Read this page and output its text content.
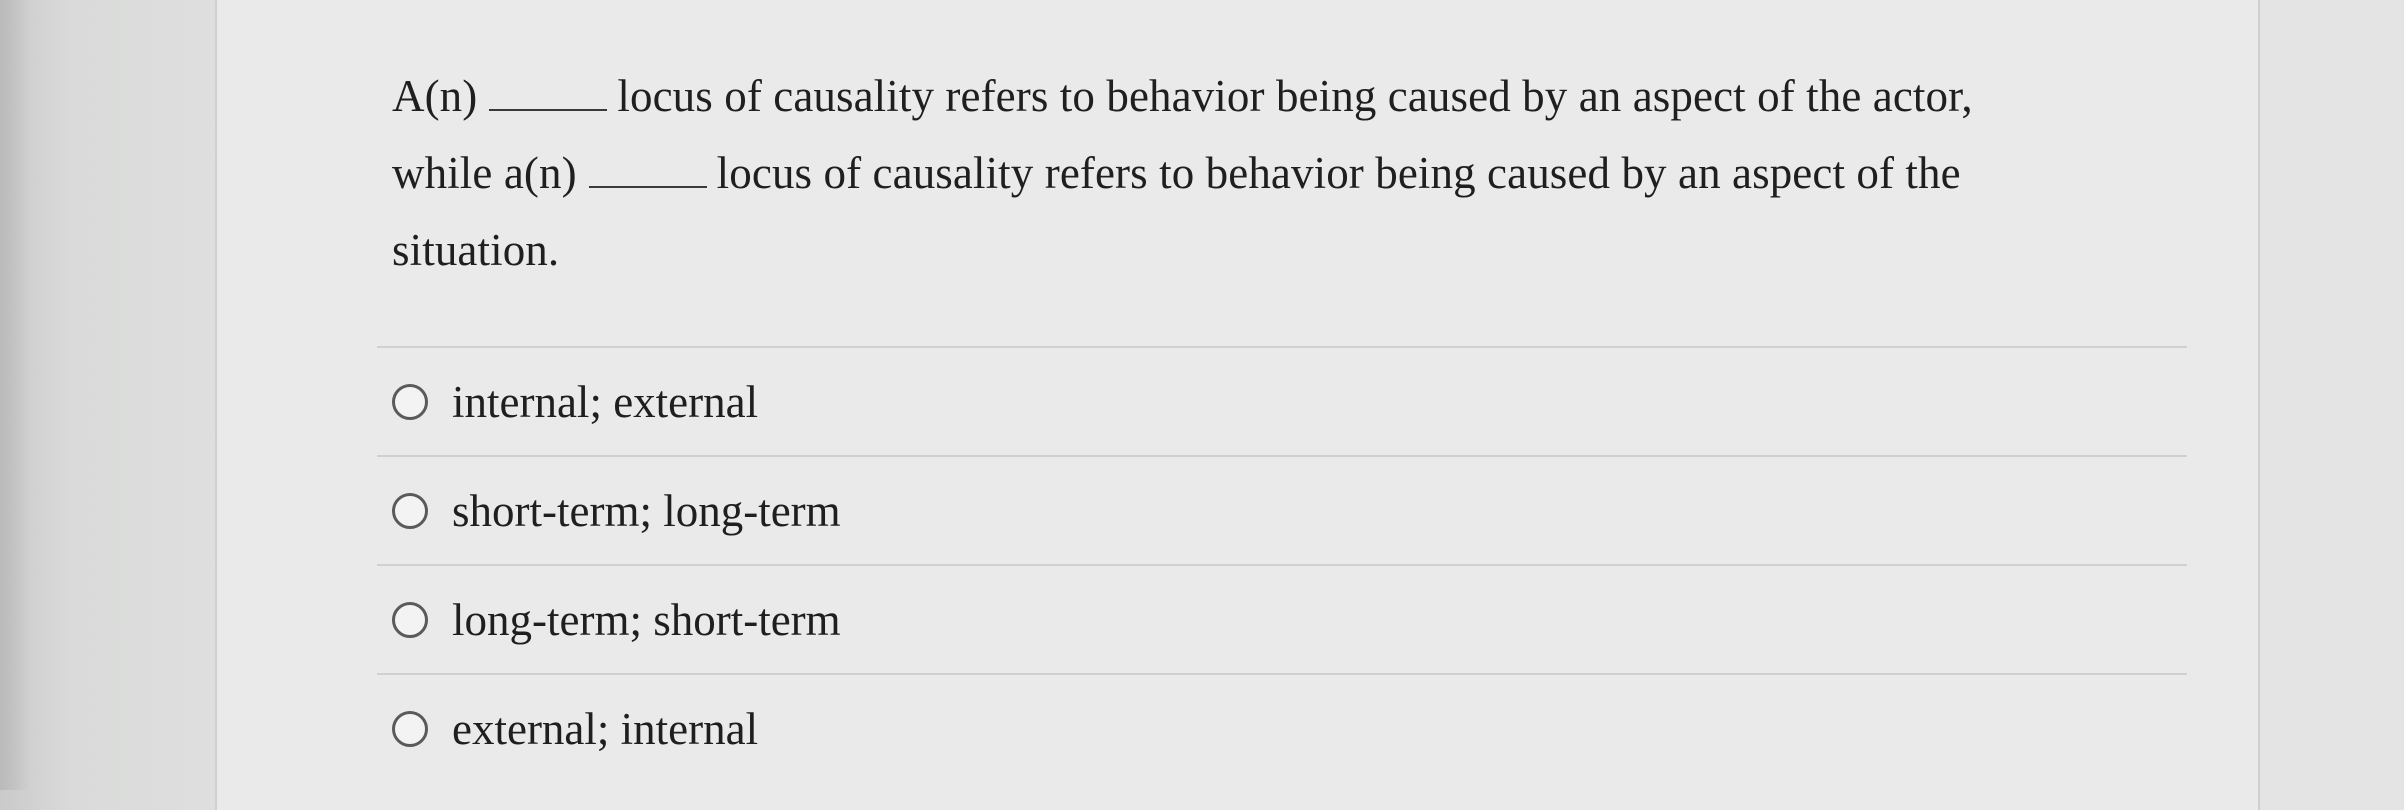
A(n)	locus of causality refers to behavior being caused by an aspect of the actor,
while a(n)	locus of causality refers to behavior being caused by an aspect of the
situation.

internal; external
short-term; long-term
long-term; short-term
external; internal
